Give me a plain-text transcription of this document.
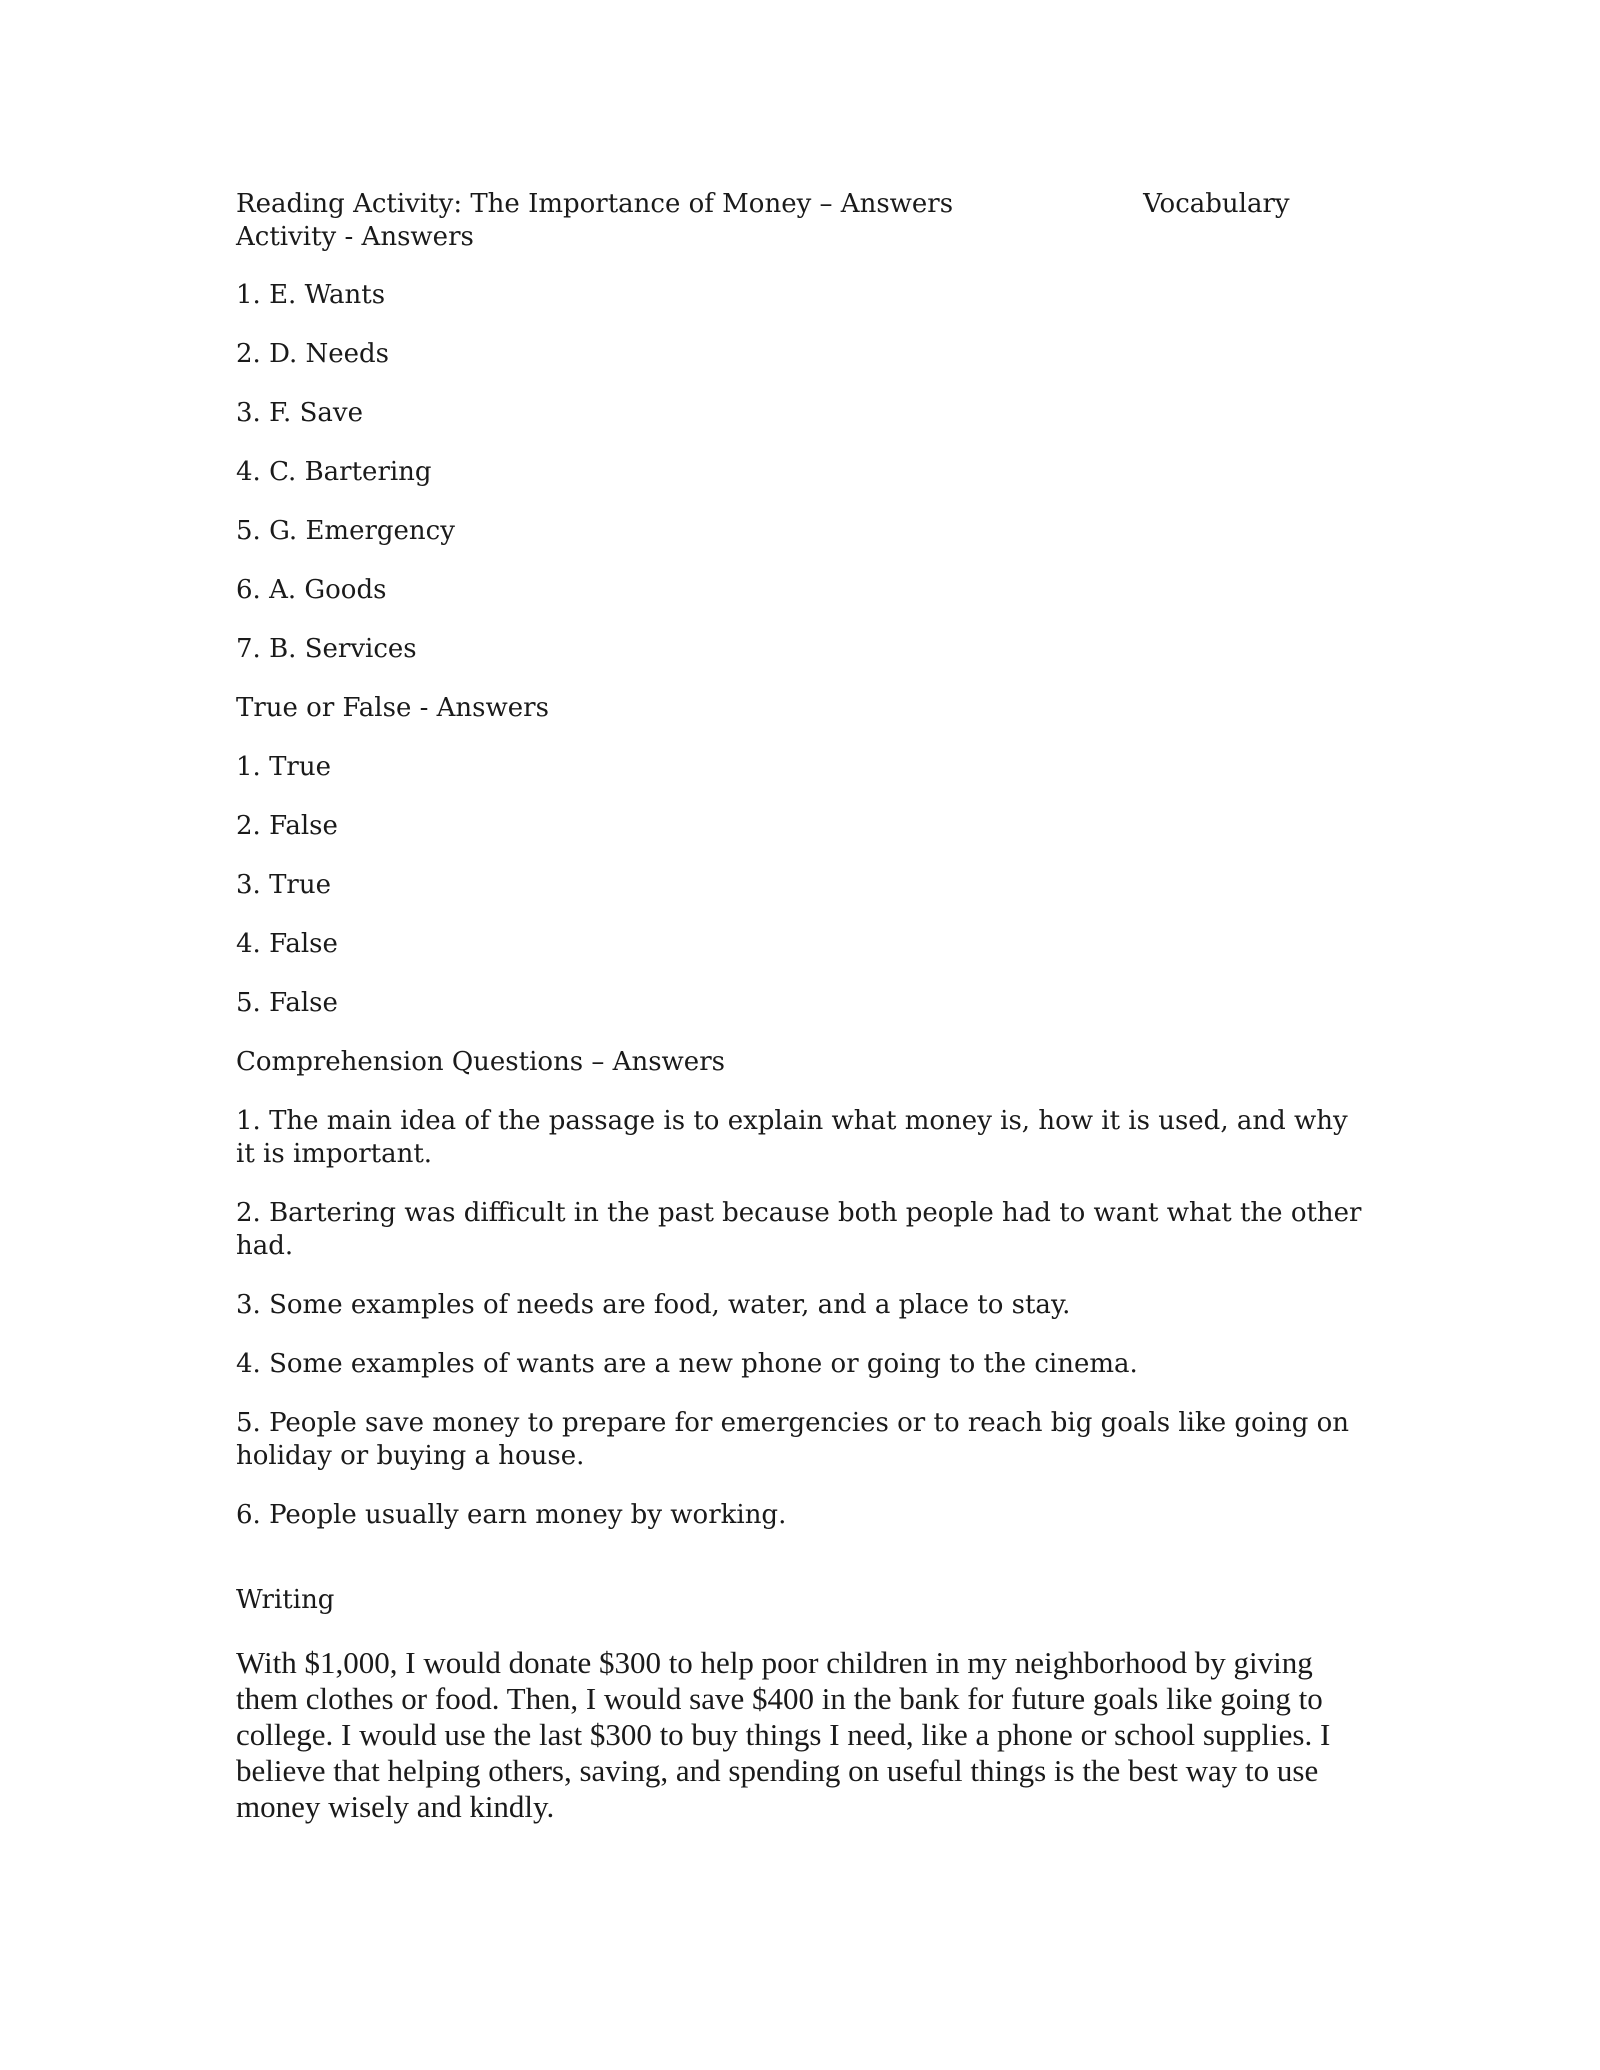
Reading Activity: The Importance of Money – Answers                       Vocabulary Activity - Answers

1. E. Wants
2. D. Needs
3. F. Save
4. C. Bartering
5. G. Emergency
6. A. Goods
7. B. Services

True or False - Answers

1. True
2. False
3. True
4. False
5. False

Comprehension Questions – Answers

1. The main idea of the passage is to explain what money is, how it is used, and why it is important.
2. Bartering was difficult in the past because both people had to want what the other had.
3. Some examples of needs are food, water, and a place to stay.
4. Some examples of wants are a new phone or going to the cinema.
5. People save money to prepare for emergencies or to reach big goals like going on holiday or buying a house.
6. People usually earn money by working.

Writing

With $1,000, I would donate $300 to help poor children in my neighborhood by giving them clothes or food. Then, I would save $400 in the bank for future goals like going to college. I would use the last $300 to buy things I need, like a phone or school supplies. I believe that helping others, saving, and spending on useful things is the best way to use money wisely and kindly.
